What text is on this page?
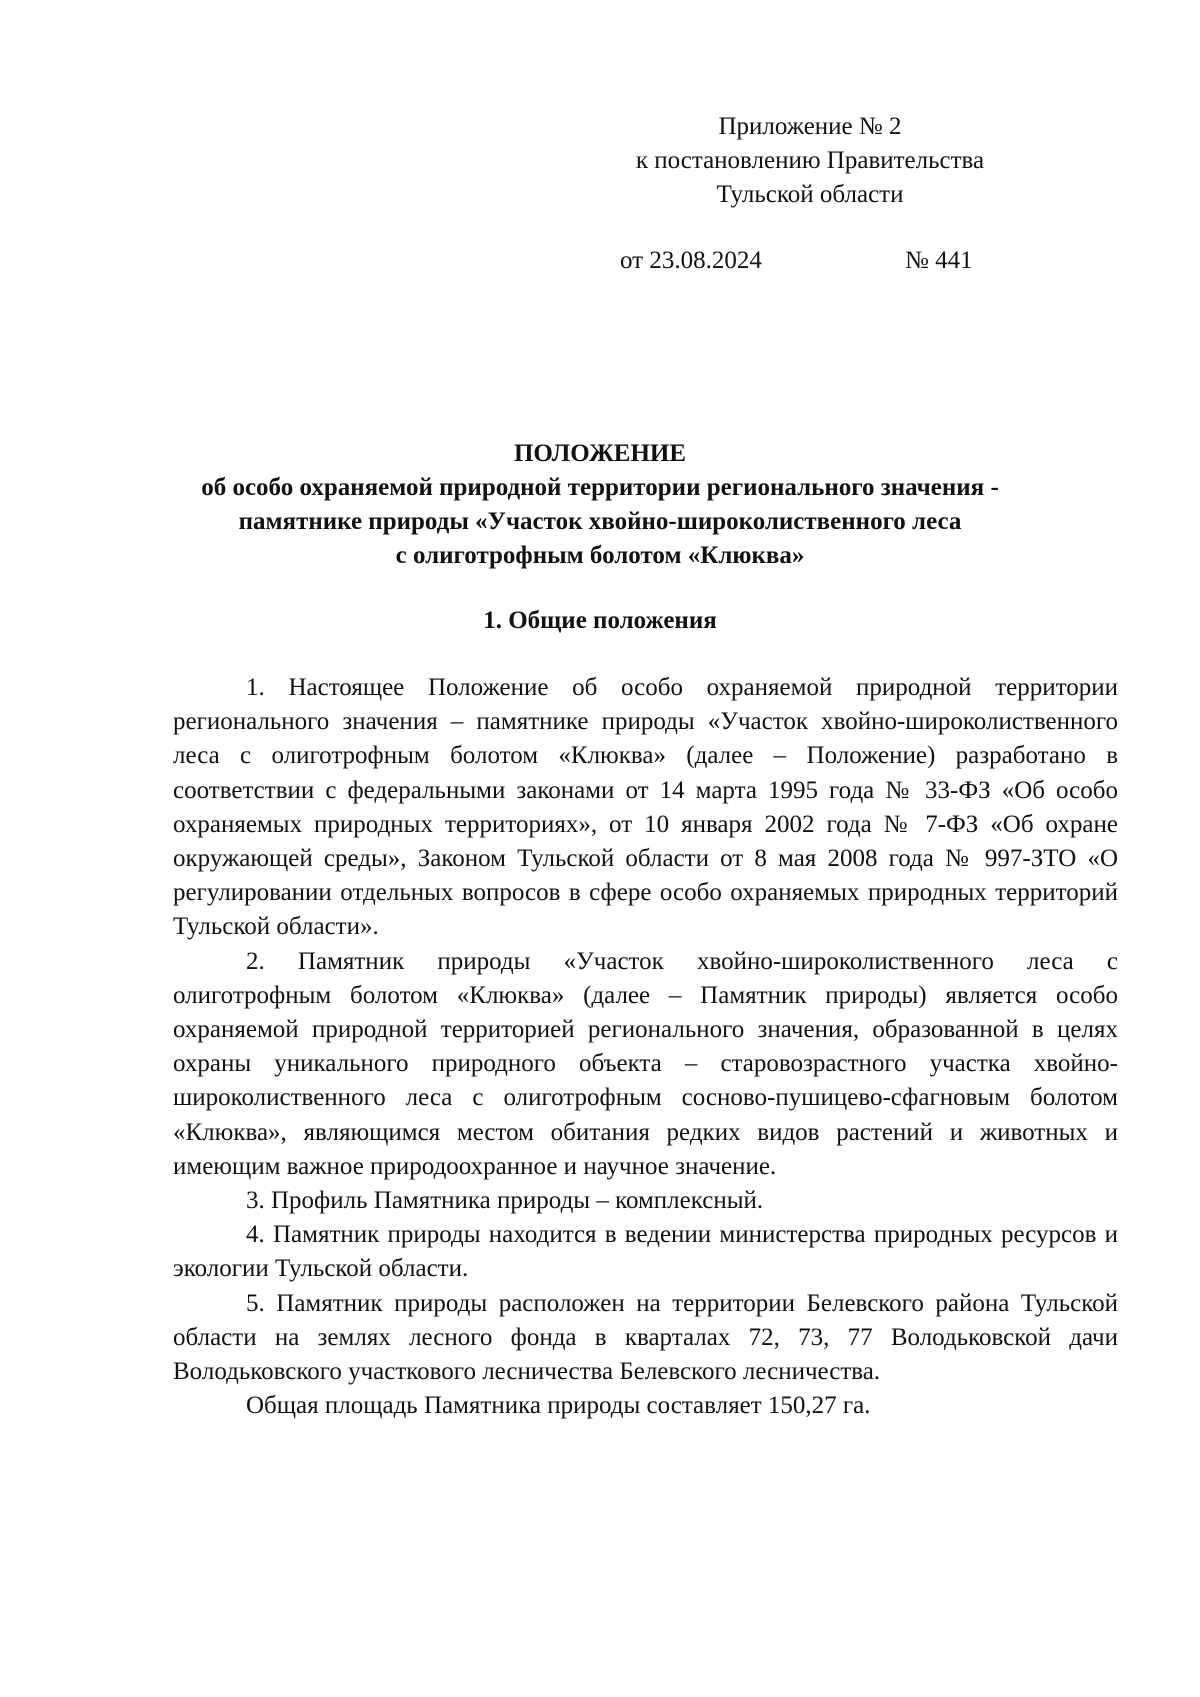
Приложение № 2
к постановлению Правительства
Тульской области
от 23.08.2024	№ 441
ПОЛОЖЕНИЕ
об особо охраняемой природной территории регионального значения -
памятнике природы «Участок хвойно-широколиственного леса
с олиготрофным болотом «Клюква»
1. Общие положения

1. Настоящее Положение об особо охраняемой природной территории регионального значения – памятнике природы «Участок хвойно-широколиственного леса с олиготрофным болотом «Клюква» (далее – Положение) разработано в соответствии с федеральными законами от 14 марта 1995 года № 33-ФЗ «Об особо охраняемых природных территориях», от 10 января 2002 года № 7-ФЗ «Об охране окружающей среды», Законом Тульской области от 8 мая 2008 года № 997-ЗТО «О регулировании отдельных вопросов в сфере особо охраняемых природных территорий Тульской области».

2. Памятник природы «Участок хвойно-широколиственного леса с олиготрофным болотом «Клюква» (далее – Памятник природы) является особо охраняемой природной территорией регионального значения, образованной в целях охраны уникального природного объекта – старовозрастного участка хвойно-широколиственного леса с олиготрофным сосново-пушицево-сфагновым болотом «Клюква», являющимся местом обитания редких видов растений и животных и имеющим важное природоохранное и научное значение.

3. Профиль Памятника природы – комплексный.

4. Памятник природы находится в ведении министерства природных ресурсов и экологии Тульской области.

5. Памятник природы расположен на территории Белевского района Тульской области на землях лесного фонда в кварталах 72, 73, 77 Володьковской дачи Володьковского участкового лесничества Белевского лесничества.

Общая площадь Памятника природы составляет 150,27 га.
